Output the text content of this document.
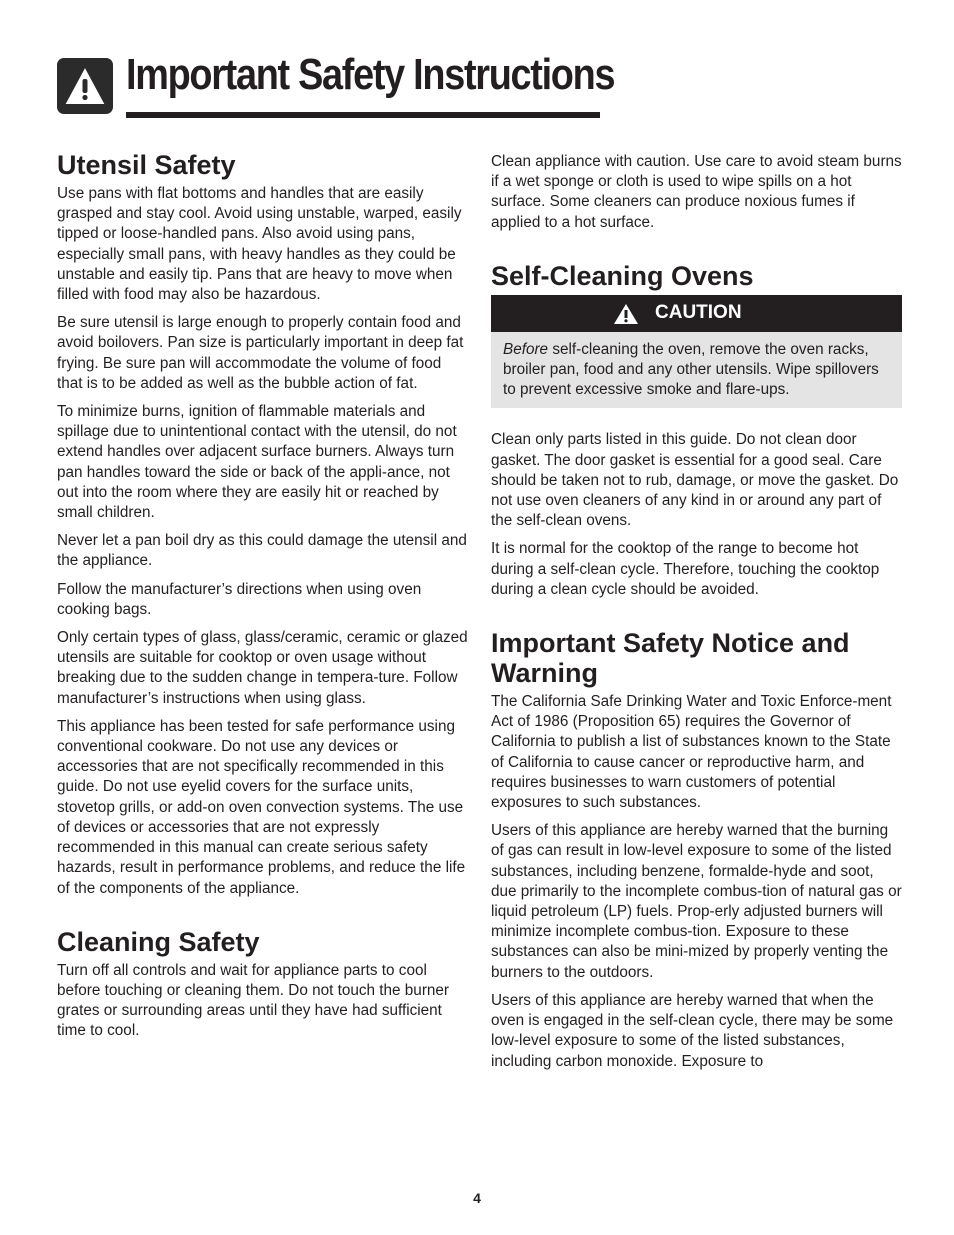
Important Safety Instructions
Utensil Safety

Use pans with flat bottoms and handles that are easily grasped and stay cool. Avoid using unstable, warped, easily tipped or loose-handled pans. Also avoid using pans, especially small pans, with heavy handles as they could be unstable and easily tip. Pans that are heavy to move when filled with food may also be hazardous.

Be sure utensil is large enough to properly contain food and avoid boilovers. Pan size is particularly important in deep fat frying. Be sure pan will accommodate the volume of food that is to be added as well as the bubble action of fat.

To minimize burns, ignition of flammable materials and spillage due to unintentional contact with the utensil, do not extend handles over adjacent surface burners. Always turn pan handles toward the side or back of the appli-ance, not out into the room where they are easily hit or reached by small children.

Never let a pan boil dry as this could damage the utensil and the appliance.

Follow the manufacturer’s directions when using oven cooking bags.

Only certain types of glass, glass/ceramic, ceramic or glazed utensils are suitable for cooktop or oven usage without breaking due to the sudden change in tempera-ture. Follow manufacturer’s instructions when using glass.

This appliance has been tested for safe performance using conventional cookware. Do not use any devices or accessories that are not specifically recommended in this guide. Do not use eyelid covers for the surface units, stovetop grills, or add-on oven convection systems. The use of devices or accessories that are not expressly recommended in this manual can create serious safety hazards, result in performance problems, and reduce the life of the components of the appliance.

Cleaning Safety

Turn off all controls and wait for appliance parts to cool before touching or cleaning them. Do not touch the burner grates or surrounding areas until they have had sufficient time to cool.

Clean appliance with caution. Use care to avoid steam burns if a wet sponge or cloth is used to wipe spills on a hot surface. Some cleaners can produce noxious fumes if applied to a hot surface.

Self-Cleaning Ovens
CAUTION

Before self-cleaning the oven, remove the oven racks, broiler pan, food and any other utensils. Wipe spillovers to prevent excessive smoke and flare-ups.

Clean only parts listed in this guide. Do not clean door gasket. The door gasket is essential for a good seal. Care should be taken not to rub, damage, or move the gasket. Do not use oven cleaners of any kind in or around any part of the self-clean ovens.

It is normal for the cooktop of the range to become hot during a self-clean cycle. Therefore, touching the cooktop during a clean cycle should be avoided.

Important Safety Notice and Warning

The California Safe Drinking Water and Toxic Enforce-ment Act of 1986 (Proposition 65) requires the Governor of California to publish a list of substances known to the State of California to cause cancer or reproductive harm, and requires businesses to warn customers of potential exposures to such substances.

Users of this appliance are hereby warned that the burning of gas can result in low-level exposure to some of the listed substances, including benzene, formalde-hyde and soot, due primarily to the incomplete combus-tion of natural gas or liquid petroleum (LP) fuels. Prop-erly adjusted burners will minimize incomplete combus-tion. Exposure to these substances can also be mini-mized by properly venting the burners to the outdoors.

Users of this appliance are hereby warned that when the oven is engaged in the self-clean cycle, there may be some low-level exposure to some of the listed substances, including carbon monoxide. Exposure to

4
